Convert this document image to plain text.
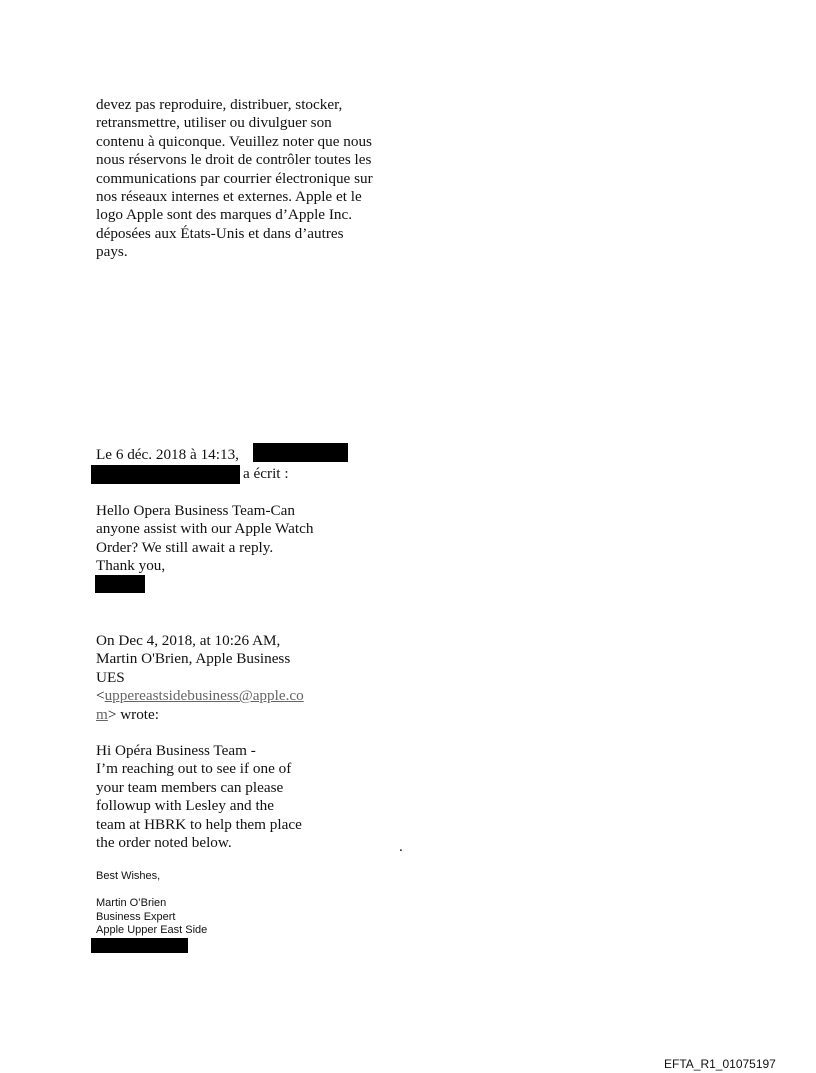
devez pas reproduire, distribuer, stocker,
retransmettre, utiliser ou divulguer son
contenu à quiconque. Veuillez noter que nous
nous réservons le droit de contrôler toutes les
communications par courrier électronique sur
nos réseaux internes et externes. Apple et le
logo Apple sont des marques d’Apple Inc.
déposées aux États-Unis et dans d’autres
pays.
Le 6 déc. 2018 à 14:13,
a écrit :
Hello Opera Business Team-Can
anyone assist with our Apple Watch
Order? We still await a reply.
Thank you,
On Dec 4, 2018, at 10:26 AM,
Martin O'Brien, Apple Business
UES
<uppereastsidebusiness@apple.co
m> wrote:
Hi Opéra Business Team -
I’m reaching out to see if one of
your team members can please
followup with Lesley and the
team at HBRK to help them place
the order noted below.	.
Best Wishes,
Martin O’Brien
Business Expert
Apple Upper East Side
EFTA_R1_01075197
